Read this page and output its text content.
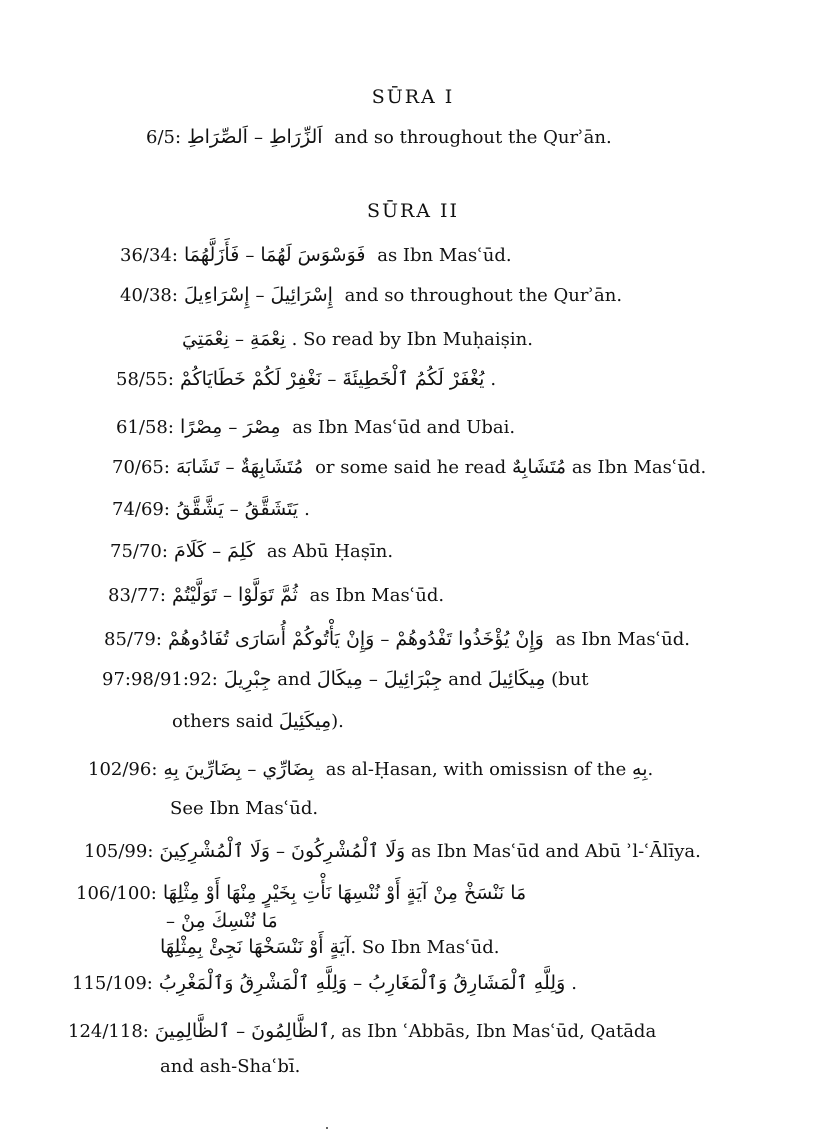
SŪRA I
6/5: اَلصِّرَاطِ – اَلزِّرَاطِ and so throughout the Qurʾān.
SŪRA II
36/34: فَأَزَلَّهُمَا – فَوَسْوَسَ لَهُمَا as Ibn Masʿūd.
40/38: إِسْرَاءِيلَ – إِسْرَائِيلَ and so throughout the Qurʾān.
نِعْمَتِيَ – نِعْمَةِ . So read by Ibn Muḥaiṣin.
58/55: نَغْفِرْ لَكُمْ خَطَايَاكُمْ – يُغْفَرْ لَكُمُ ٱلْخَطِيئَةَ .
61/58: مِصْرًا – مِصْرَ as Ibn Masʿūd and Ubai.
70/65: تَشَابَهَ – مُتَشَابِهَةٌ or some said he read مُتَشَابِهٌ as Ibn Masʿūd.
74/69: يَشَّقَّقُ – يَتَشَقَّقُ .
75/70: كَلَامَ – كَلِمَ as Abū Ḥaṣīn.
83/77: تَوَلَّيْتُمْ – ثُمَّ تَوَلَّوْا as Ibn Masʿūd.
85/79: وَإِنْ يَأْتُوكُمْ أُسَارَى تُفَادُوهُمْ – وَإِنْ يُؤْخَذُوا تَفْدُوهُمْ as Ibn Masʿūd.
97:98/91:92: جِبْرِيلَ and مِيكَالَ – جِبْرَائِيلَ and مِيكَائِيلَ (but
others said مِيكَئِيلَ).
102/96: بِضَارِّينَ بِهِ – بِضَارِّي as al-Ḥasan, with omissisn of the بِهِ.
See Ibn Masʿūd.
105/99: وَلَا ٱلْمُشْرِكِينَ – وَلَا ٱلْمُشْرِكُونَ as Ibn Masʿūd and Abū ʾl-ʿĀlīya.
106/100: مَا نَنْسَخْ مِنْ آيَةٍ أَوْ نُنْسِهَا نَأْتِ بِخَيْرٍ مِنْهَا أَوْ مِثْلِهَا
– مَا نُنْسِكَ مِنْ
آيَةٍ أَوْ نَنْسَخْهَا نَجِئْ بِمِثْلِهَا. So Ibn Masʿūd.
115/109: وَلِلَّهِ ٱلْمَشْرِقُ وَٱلْمَغْرِبُ – وَلِلَّهِ ٱلْمَشَارِقُ وَٱلْمَغَارِبُ .
124/118: ٱلظَّالِمِينَ – ٱلظَّالِمُونَ, as Ibn ʿAbbās, Ibn Masʿūd, Qatāda
and ash-Shaʿbī.
